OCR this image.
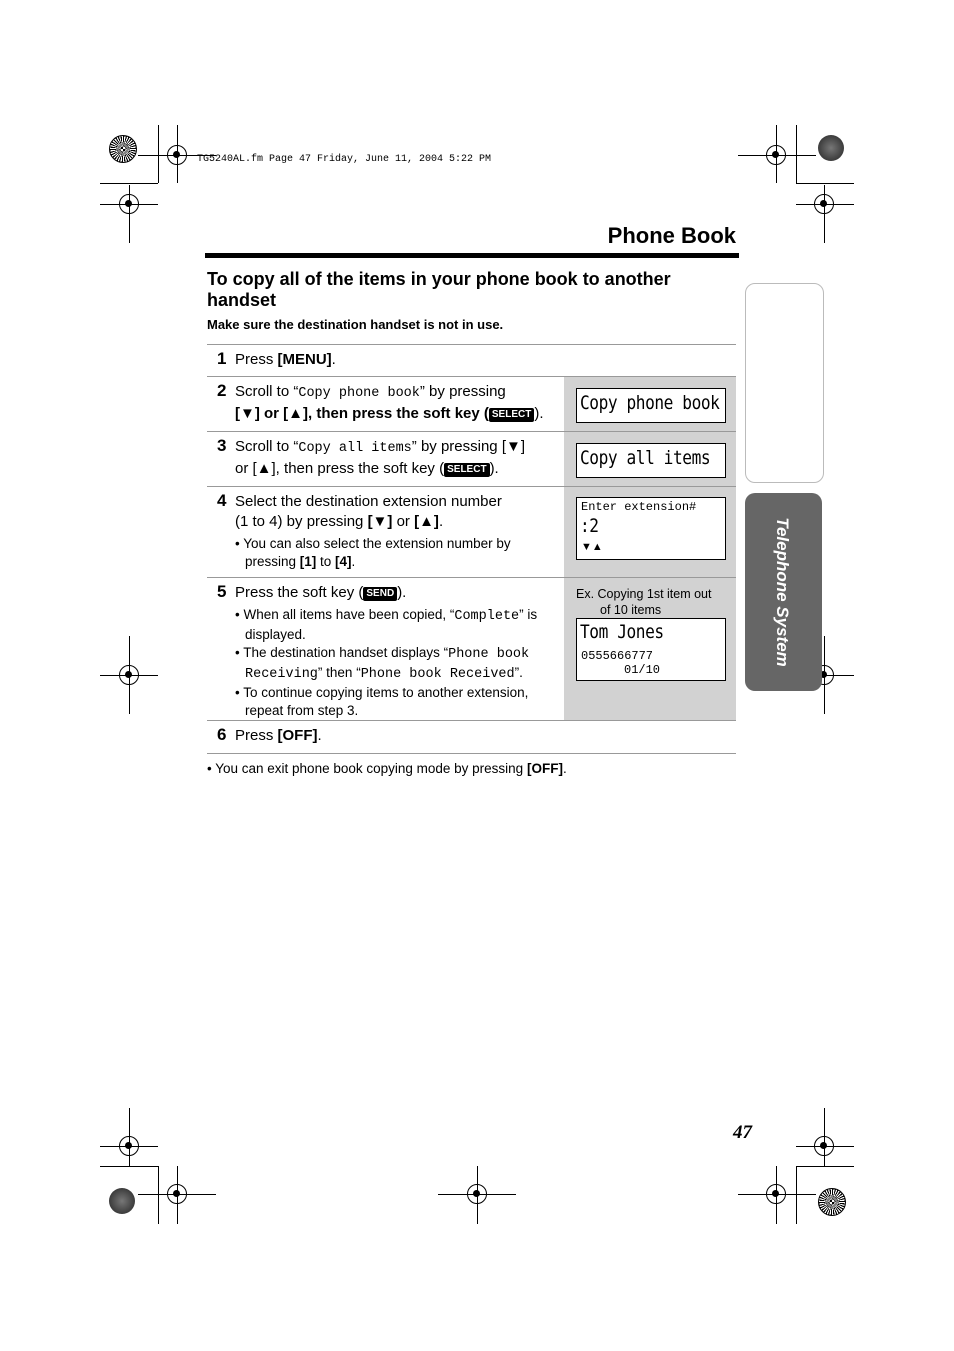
TG5240AL.fm Page 47 Friday, June 11, 2004 5:22 PM
Phone Book
To copy all of the items in your phone book to another
handset
Make sure the destination handset is not in use.
1 Press [MENU].
2 Scroll to “Copy phone book” by pressing
[▼] or [▲], then press the soft key ( SELECT ).
3 Scroll to “Copy all items” by pressing [▼]
or [▲], then press the soft key ( SELECT ).
4 Select the destination extension number
(1 to 4) by pressing [▼] or [▲].
• You can also select the extension number by
pressing [1] to [4].
5 Press the soft key ( SEND ).
• When all items have been copied, “Complete” is
displayed.
• The destination handset displays “Phone book
Receiving” then “Phone book Received”.
• To continue copying items to another extension,
repeat from step 3.
6 Press [OFF].
Copy phone book
Copy all items
Enter extension#
:2
▼▲
Ex. Copying 1st item out
of 10 items
Tom Jones
0555666777
01/10
• You can exit phone book copying mode by pressing [OFF].
Telephone System
47
